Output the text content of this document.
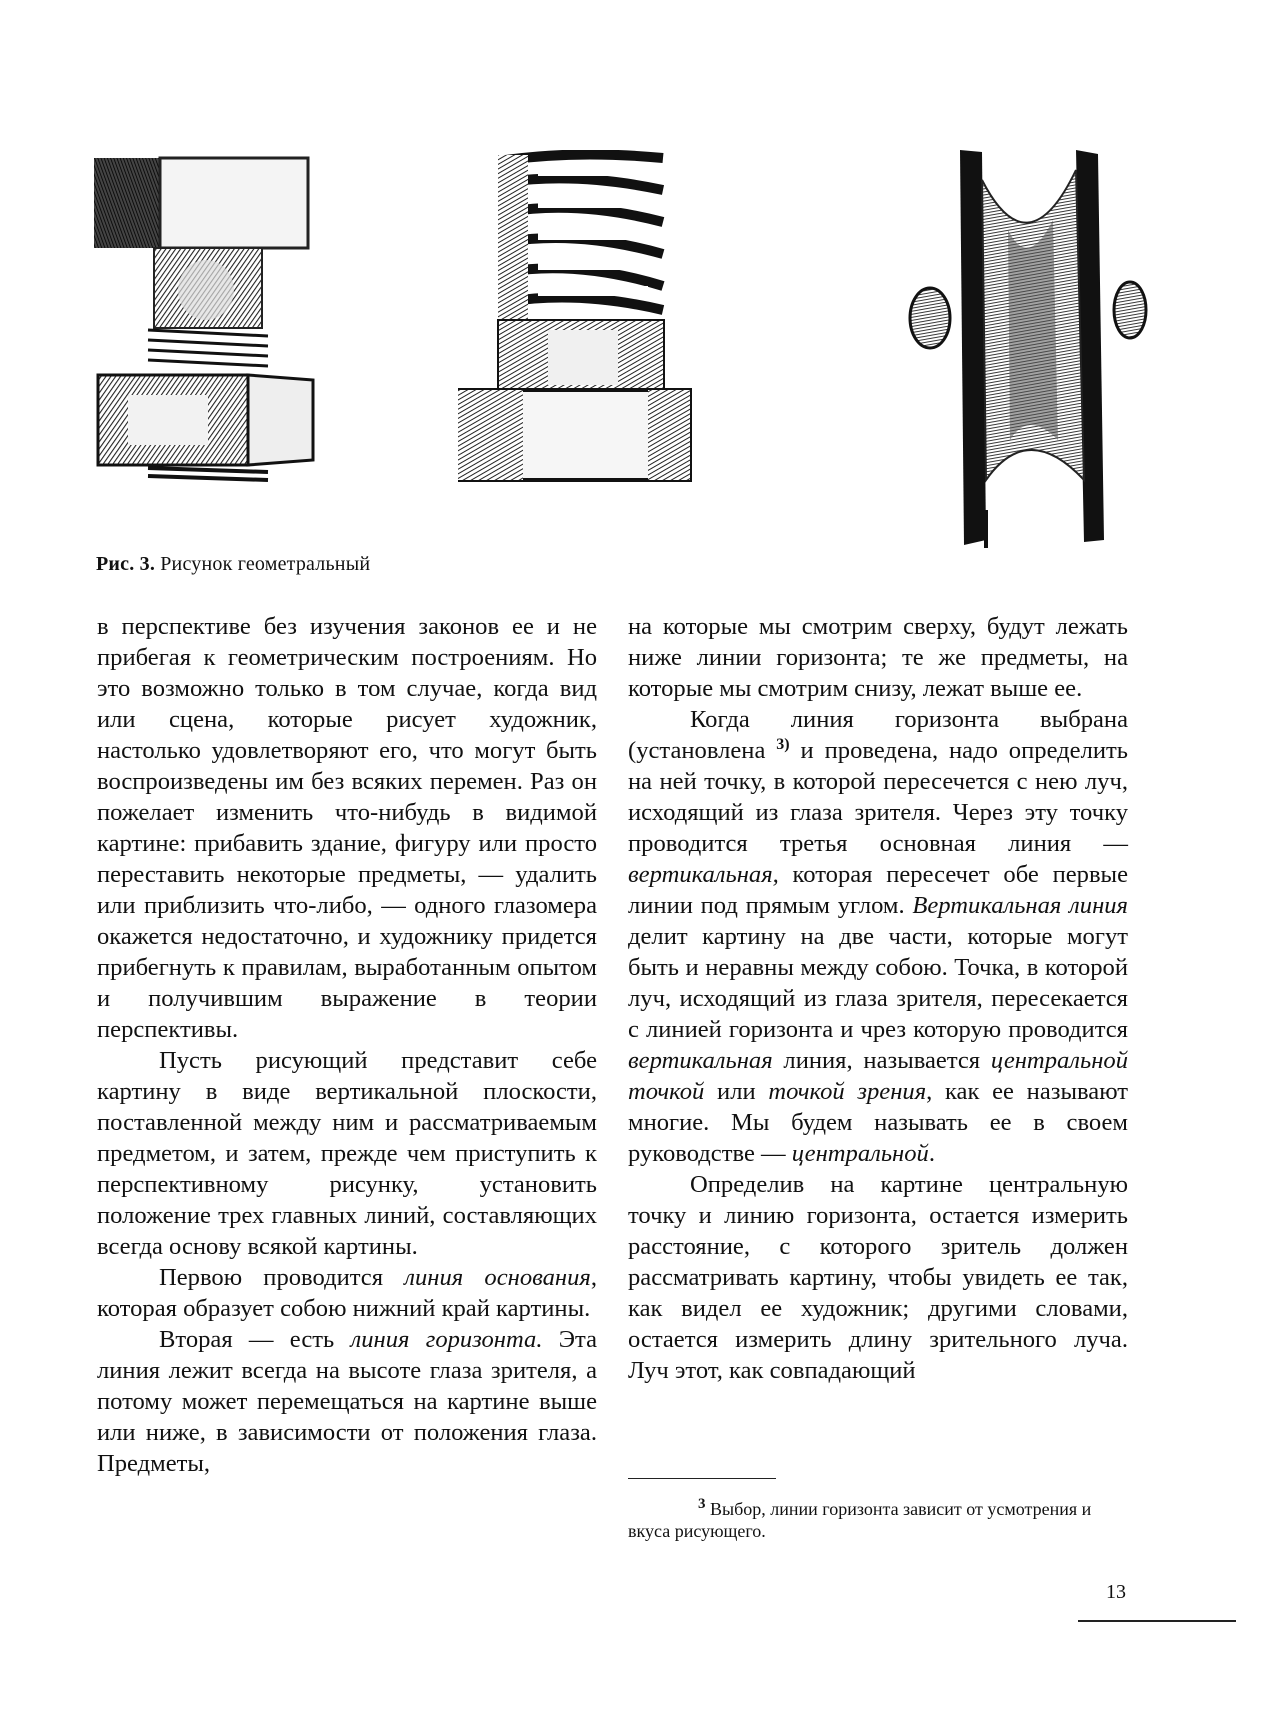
Рис. 3. Рисунок геометральный

в перспективе без изучения законов ее и не прибегая к геометрическим построениям. Но это возможно только в том случае, когда вид или сцена, которые рисует художник, настолько удовлетворяют его, что могут быть воспроизведены им без всяких перемен. Раз он пожелает изменить что-нибудь в видимой картине: прибавить здание, фигуру или просто переставить некоторые предметы, — удалить или приблизить что-либо, — одного глазомера окажется недостаточно, и художнику придется прибегнуть к правилам, выработанным опытом и получившим выражение в теории перспективы.

Пусть рисующий представит себе картину в виде вертикальной плоскости, поставленной между ним и рассматриваемым предметом, и затем, прежде чем приступить к перспективному рисунку, установить положение трех главных линий, составляющих всегда основу всякой картины.

Первою проводится линия основания, которая образует собою нижний край картины.

Вторая — есть линия горизонта. Эта линия лежит всегда на высоте глаза зрителя, а потому может перемещаться на картине выше или ниже, в зависимости от положения глаза. Предметы,

на которые мы смотрим сверху, будут лежать ниже линии горизонта; те же предметы, на которые мы смотрим снизу, лежат выше ее.

Когда линия горизонта выбрана (установлена $^{3)}$ и проведена, надо определить на ней точку, в которой пересечется с нею луч, исходящий из глаза зрителя. Через эту точку проводится третья основная линия — вертикальная, которая пересечет обе первые линии под прямым углом. Вертикальная линия делит картину на две части, которые могут быть и неравны между собою. Точка, в которой луч, исходящий из глаза зрителя, пересекается с линией горизонта и чрез которую проводится вертикальная линия, называется центральной точкой или точкой зрения, как ее называют многие. Мы будем называть ее в своем руководстве — центральной.

Определив на картине центральную точку и линию горизонта, остается измерить расстояние, с которого зритель должен рассматривать картину, чтобы увидеть ее так, как видел ее художник; другими словами, остается измерить длину зрительного луча. Луч этот, как совпадающий

$^3$ Выбор, линии горизонта зависит от усмотрения и вкуса рисующего.
13
